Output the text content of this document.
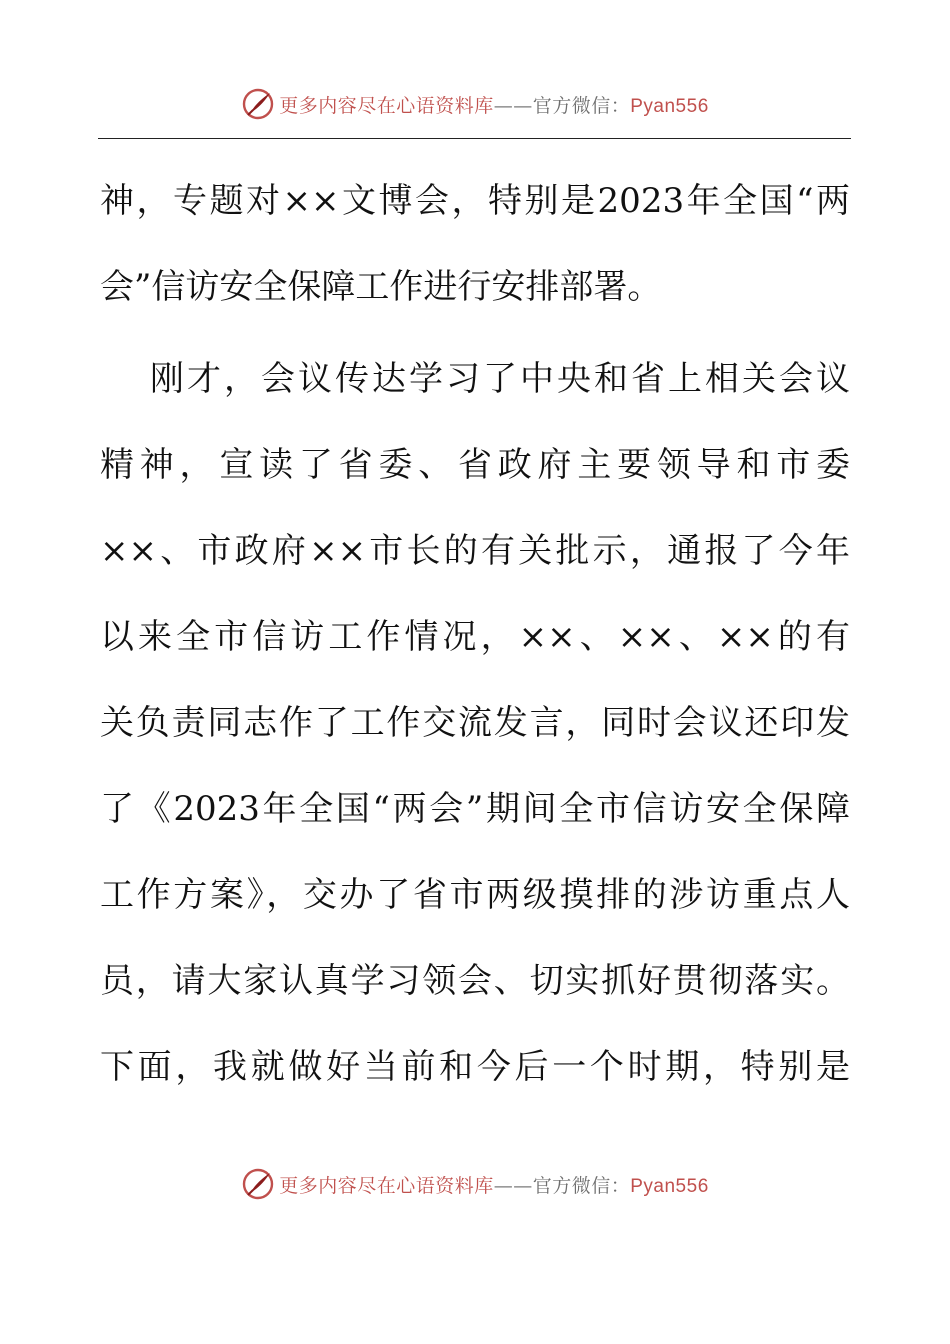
更多内容尽在心语资料库——官方微信：Pyan556
神，专题对××文博会，特别是2023年全国“两
会”信访安全保障工作进行安排部署。
刚才，会议传达学习了中央和省上相关会议
精神，宣读了省委、省政府主要领导和市委
××、市政府××市长的有关批示，通报了今年
以来全市信访工作情况，××、××、××的有
关负责同志作了工作交流发言，同时会议还印发
了《2023年全国“两会”期间全市信访安全保障
工作方案》，交办了省市两级摸排的涉访重点人
员，请大家认真学习领会、切实抓好贯彻落实。
下面，我就做好当前和今后一个时期，特别是
更多内容尽在心语资料库——官方微信：Pyan556
